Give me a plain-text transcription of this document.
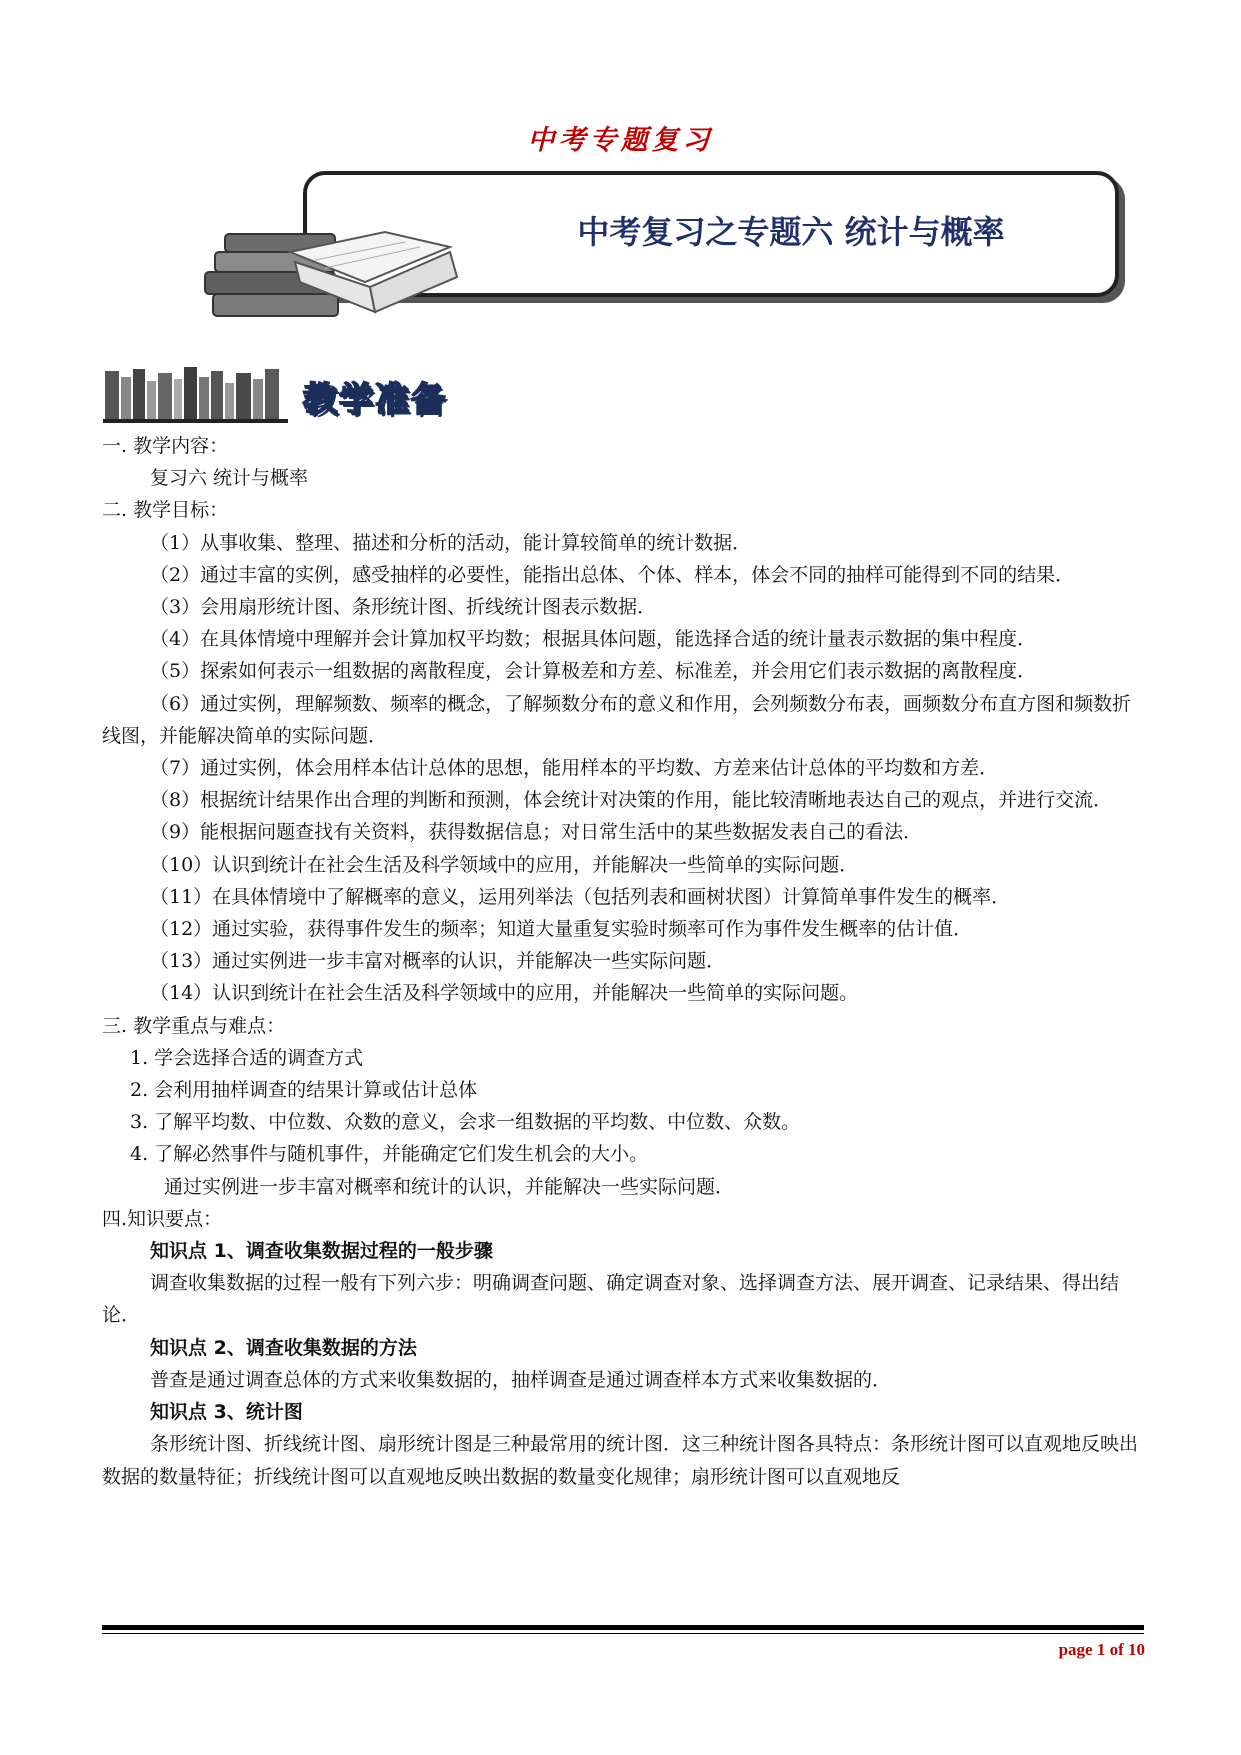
中考专题复习
中考复习之专题六 统计与概率
教学准备

一. 教学内容：

复习六 统计与概率

二. 教学目标：

（1）从事收集、整理、描述和分析的活动，能计算较简单的统计数据．

（2）通过丰富的实例，感受抽样的必要性，能指出总体、个体、样本，体会不同的抽样可能得到不同的结果．

（3）会用扇形统计图、条形统计图、折线统计图表示数据．

（4）在具体情境中理解并会计算加权平均数；根据具体问题，能选择合适的统计量表示数据的集中程度．

（5）探索如何表示一组数据的离散程度，会计算极差和方差、标准差，并会用它们表示数据的离散程度．

（6）通过实例，理解频数、频率的概念，了解频数分布的意义和作用，会列频数分布表，画频数分布直方图和频数折线图，并能解决简单的实际问题．

（7）通过实例，体会用样本估计总体的思想，能用样本的平均数、方差来估计总体的平均数和方差．

（8）根据统计结果作出合理的判断和预测，体会统计对决策的作用，能比较清晰地表达自己的观点，并进行交流．

（9）能根据问题查找有关资料，获得数据信息；对日常生活中的某些数据发表自己的看法．

（10）认识到统计在社会生活及科学领域中的应用，并能解决一些简单的实际问题．

（11）在具体情境中了解概率的意义，运用列举法（包括列表和画树状图）计算简单事件发生的概率．

（12）通过实验，获得事件发生的频率；知道大量重复实验时频率可作为事件发生概率的估计值．

（13）通过实例进一步丰富对概率的认识，并能解决一些实际问题．

（14）认识到统计在社会生活及科学领域中的应用，并能解决一些简单的实际问题。

三. 教学重点与难点：

1. 学会选择合适的调查方式

2. 会利用抽样调查的结果计算或估计总体

3. 了解平均数、中位数、众数的意义，会求一组数据的平均数、中位数、众数。

4. 了解必然事件与随机事件，并能确定它们发生机会的大小。

通过实例进一步丰富对概率和统计的认识，并能解决一些实际问题．

四.知识要点：

知识点 1、调查收集数据过程的一般步骤

调查收集数据的过程一般有下列六步：明确调查问题、确定调查对象、选择调查方法、展开调查、记录结果、得出结论．

知识点 2、调查收集数据的方法

普查是通过调查总体的方式来收集数据的，抽样调查是通过调查样本方式来收集数据的．

知识点 3、统计图

条形统计图、折线统计图、扇形统计图是三种最常用的统计图．这三种统计图各具特点：条形统计图可以直观地反映出数据的数量特征；折线统计图可以直观地反映出数据的数量变化规律；扇形统计图可以直观地反

page 1 of 10
